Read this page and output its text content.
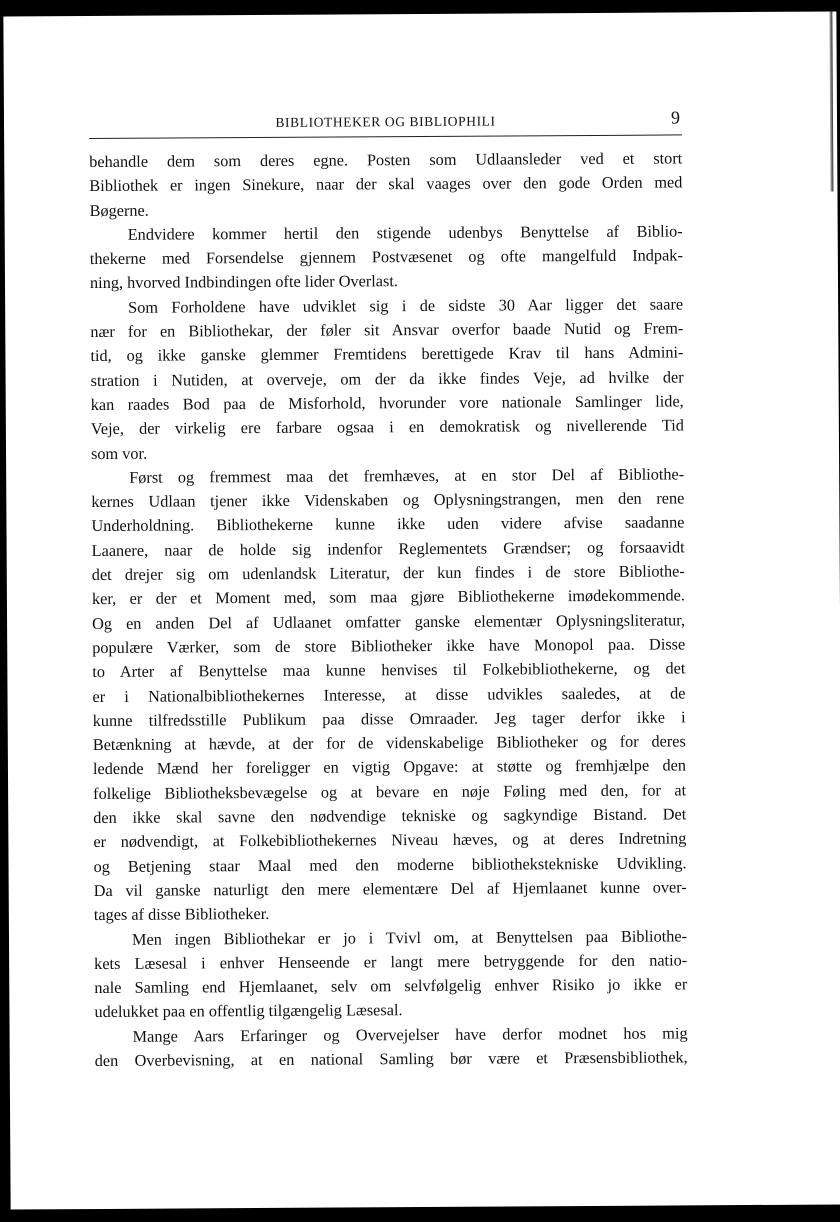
BIBLIOTHEKER OG BIBLIOPHILI	9
behandle dem som deres egne. Posten som Udlaansleder ved et stort
Bibliothek er ingen Sinekure, naar der skal vaages over den gode Orden med
Bøgerne.
Endvidere kommer hertil den stigende udenbys Benyttelse af Biblio-
thekerne med Forsendelse gjennem Postvæsenet og ofte mangelfuld Indpak-
ning, hvorved Indbindingen ofte lider Overlast.
Som Forholdene have udviklet sig i de sidste 30 Aar ligger det saare
nær for en Bibliothekar, der føler sit Ansvar overfor baade Nutid og Frem-
tid, og ikke ganske glemmer Fremtidens berettigede Krav til hans Admini-
stration i Nutiden, at overveje, om der da ikke findes Veje, ad hvilke der
kan raades Bod paa de Misforhold, hvorunder vore nationale Samlinger lide,
Veje, der virkelig ere farbare ogsaa i en demokratisk og nivellerende Tid
som vor.
Først og fremmest maa det fremhæves, at en stor Del af Bibliothe-
kernes Udlaan tjener ikke Videnskaben og Oplysningstrangen, men den rene
Underholdning. Bibliothekerne kunne ikke uden videre afvise saadanne
Laanere, naar de holde sig indenfor Reglementets Grændser; og forsaavidt
det drejer sig om udenlandsk Literatur, der kun findes i de store Bibliothe-
ker, er der et Moment med, som maa gjøre Bibliothekerne imødekommende.
Og en anden Del af Udlaanet omfatter ganske elementær Oplysningsliteratur,
populære Værker, som de store Bibliotheker ikke have Monopol paa. Disse
to Arter af Benyttelse maa kunne henvises til Folkebibliothekerne, og det
er i Nationalbibliothekernes Interesse, at disse udvikles saaledes, at de
kunne tilfredsstille Publikum paa disse Omraader. Jeg tager derfor ikke i
Betænkning at hævde, at der for de videnskabelige Bibliotheker og for deres
ledende Mænd her foreligger en vigtig Opgave: at støtte og fremhjælpe den
folkelige Bibliotheksbevægelse og at bevare en nøje Føling med den, for at
den ikke skal savne den nødvendige tekniske og sagkyndige Bistand. Det
er nødvendigt, at Folkebibliothekernes Niveau hæves, og at deres Indretning
og Betjening staar Maal med den moderne bibliothekstekniske Udvikling.
Da vil ganske naturligt den mere elementære Del af Hjemlaanet kunne over-
tages af disse Bibliotheker.
Men ingen Bibliothekar er jo i Tvivl om, at Benyttelsen paa Bibliothe-
kets Læsesal i enhver Henseende er langt mere betryggende for den natio-
nale Samling end Hjemlaanet, selv om selvfølgelig enhver Risiko jo ikke er
udelukket paa en offentlig tilgængelig Læsesal.
Mange Aars Erfaringer og Overvejelser have derfor modnet hos mig
den Overbevisning, at en national Samling bør være et Præsensbibliothek,
